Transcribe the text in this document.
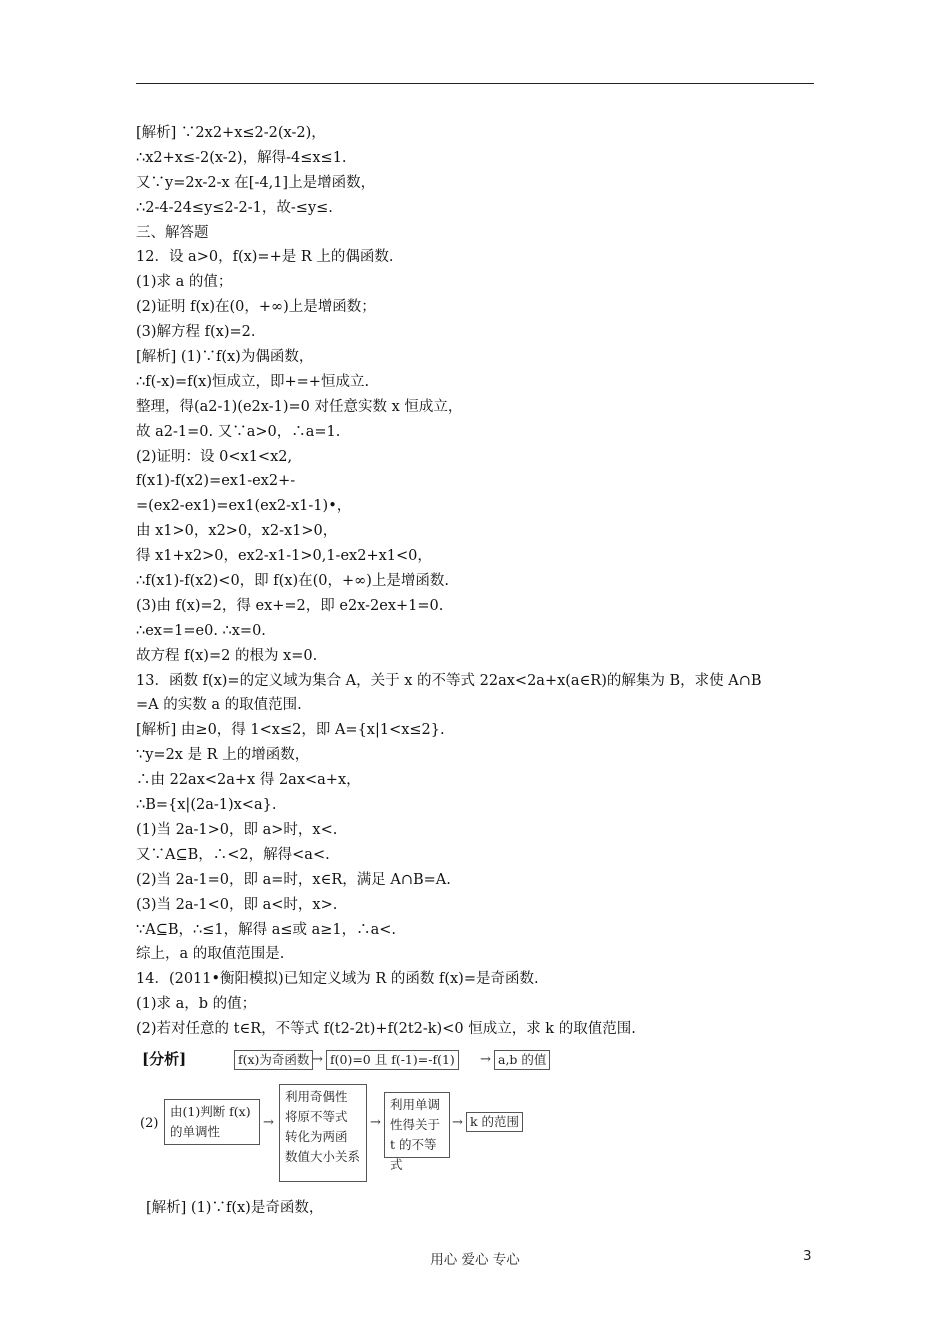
[解析] ∵2x2+x≤2-2(x-2)，
∴x2+x≤-2(x-2)，解得-4≤x≤1.
又∵y=2x-2-x 在[-4,1]上是增函数，
∴2-4-24≤y≤2-2-1，故-≤y≤.
三、解答题
12．设 a>0，f(x)=+是 R 上的偶函数.
(1)求 a 的值；
(2)证明 f(x)在(0，+∞)上是增函数；
(3)解方程 f(x)=2.
[解析] (1)∵f(x)为偶函数，
∴f(-x)=f(x)恒成立，即+=+恒成立.
整理，得(a2-1)(e2x-1)=0 对任意实数 x 恒成立，
故 a2-1=0. 又∵a>0，∴a=1.
(2)证明：设 0<x1<x2,
f(x1)-f(x2)=ex1-ex2+-
=(ex2-ex1)=ex1(ex2-x1-1)•，
由 x1>0，x2>0，x2-x1>0，
得 x1+x2>0，ex2-x1-1>0,1-ex2+x1<0，
∴f(x1)-f(x2)<0，即 f(x)在(0，+∞)上是增函数.
(3)由 f(x)=2，得 ex+=2，即 e2x-2ex+1=0.
∴ex=1=e0. ∴x=0.
故方程 f(x)=2 的根为 x=0.
13．函数 f(x)=的定义域为集合 A，关于 x 的不等式 22ax<2a+x(a∈R)的解集为 B，求使 A∩B
=A 的实数 a 的取值范围.
[解析] 由≥0，得 1<x≤2，即 A={x|1<x≤2}.
∵y=2x 是 R 上的增函数，
∴由 22ax<2a+x 得 2ax<a+x，
∴B={x|(2a-1)x<a}.
(1)当 2a-1>0，即 a>时，x<.
又∵A⊆B，∴<2，解得<a<.
(2)当 2a-1=0，即 a=时，x∈R，满足 A∩B=A.
(3)当 2a-1<0，即 a<时，x>.
∵A⊆B，∴≤1，解得 a≤或 a≥1，∴a<.
综上，a 的取值范围是.
14．(2011•衡阳模拟)已知定义域为 R 的函数 f(x)=是奇函数.
(1)求 a，b 的值；
(2)若对任意的 t∈R，不等式 f(t2-2t)+f(2t2-k)<0 恒成立，求 k 的取值范围.
[分析]	f(x)为奇函数 → f(0)=0 且 f(-1)=-f(1)	→ a,b 的值
(2)
由(1)判断 f(x) 的单调性
→
利用奇偶性 将原不等式 转化为两函 数值大小关系
→
利用单调 性得关于 t 的不等式
→ k 的范围
[解析] (1)∵f(x)是奇函数，
用心 爱心 专心	3
